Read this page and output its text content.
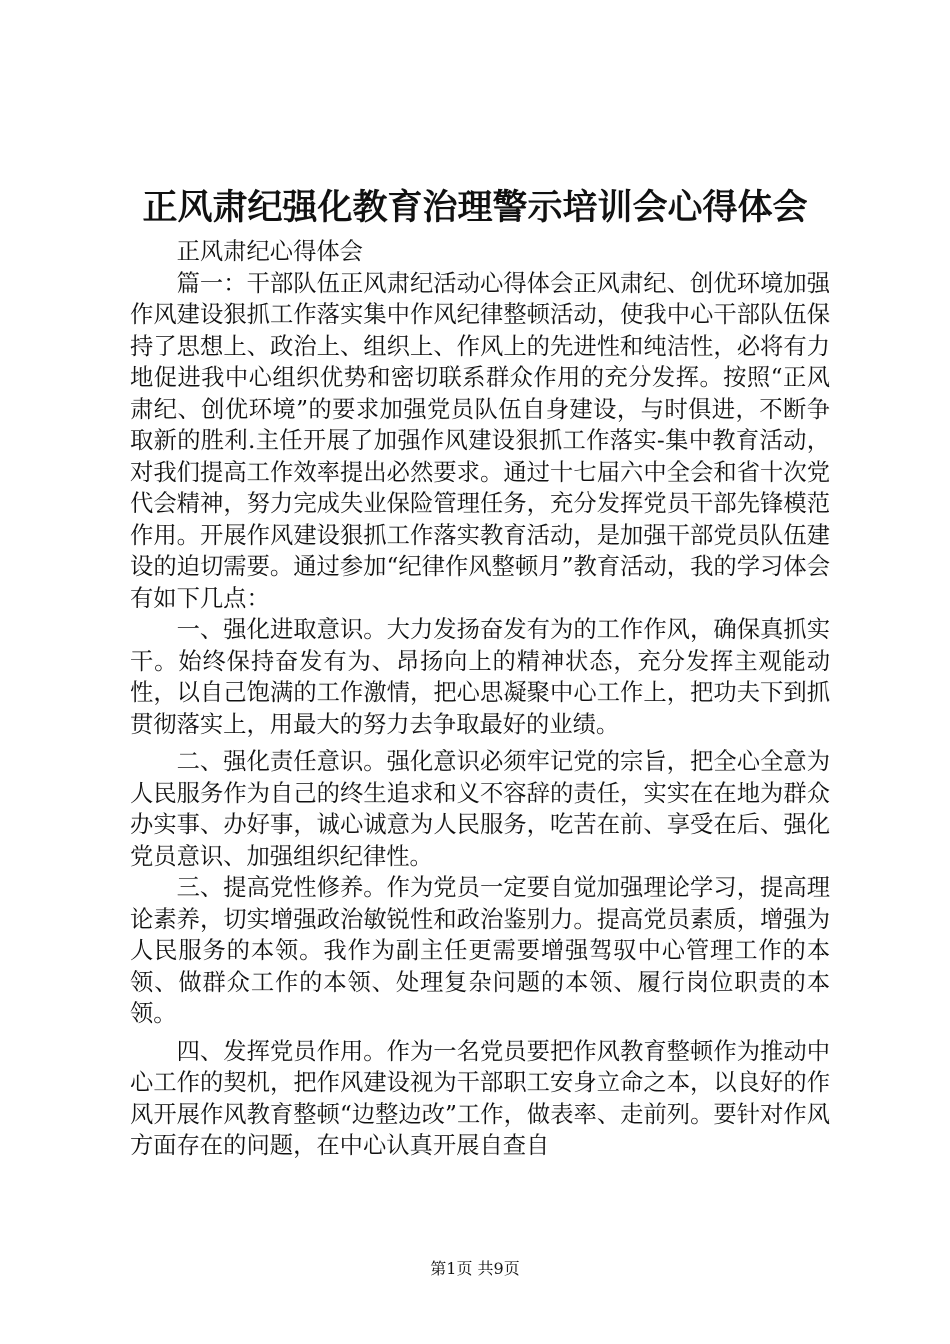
正风肃纪强化教育治理警示培训会心得体会

正风肃纪心得体会

篇一：干部队伍正风肃纪活动心得体会正风肃纪、创优环境加强作风建设狠抓工作落实集中作风纪律整顿活动，使我中心干部队伍保持了思想上、政治上、组织上、作风上的先进性和纯洁性，必将有力地促进我中心组织优势和密切联系群众作用的充分发挥。按照“正风肃纪、创优环境”的要求加强党员队伍自身建设，与时俱进，不断争取新的胜利.主任开展了加强作风建设狠抓工作落实-集中教育活动，对我们提高工作效率提出必然要求。通过十七届六中全会和省十次党代会精神，努力完成失业保险管理任务，充分发挥党员干部先锋模范作用。开展作风建设狠抓工作落实教育活动，是加强干部党员队伍建设的迫切需要。通过参加“纪律作风整顿月”教育活动，我的学习体会有如下几点：

一、强化进取意识。大力发扬奋发有为的工作作风，确保真抓实干。始终保持奋发有为、昂扬向上的精神状态，充分发挥主观能动性，以自己饱满的工作激情，把心思凝聚中心工作上，把功夫下到抓贯彻落实上，用最大的努力去争取最好的业绩。

二、强化责任意识。强化意识必须牢记党的宗旨，把全心全意为人民服务作为自己的终生追求和义不容辞的责任，实实在在地为群众办实事、办好事，诚心诚意为人民服务，吃苦在前、享受在后、强化党员意识、加强组织纪律性。

三、提高党性修养。作为党员一定要自觉加强理论学习，提高理论素养，切实增强政治敏锐性和政治鉴别力。提高党员素质，增强为人民服务的本领。我作为副主任更需要增强驾驭中心管理工作的本领、做群众工作的本领、处理复杂问题的本领、履行岗位职责的本领。

四、发挥党员作用。作为一名党员要把作风教育整顿作为推动中心工作的契机，把作风建设视为干部职工安身立命之本，以良好的作风开展作风教育整顿“边整边改”工作，做表率、走前列。要针对作风方面存在的问题，在中心认真开展自查自

第1页 共9页
